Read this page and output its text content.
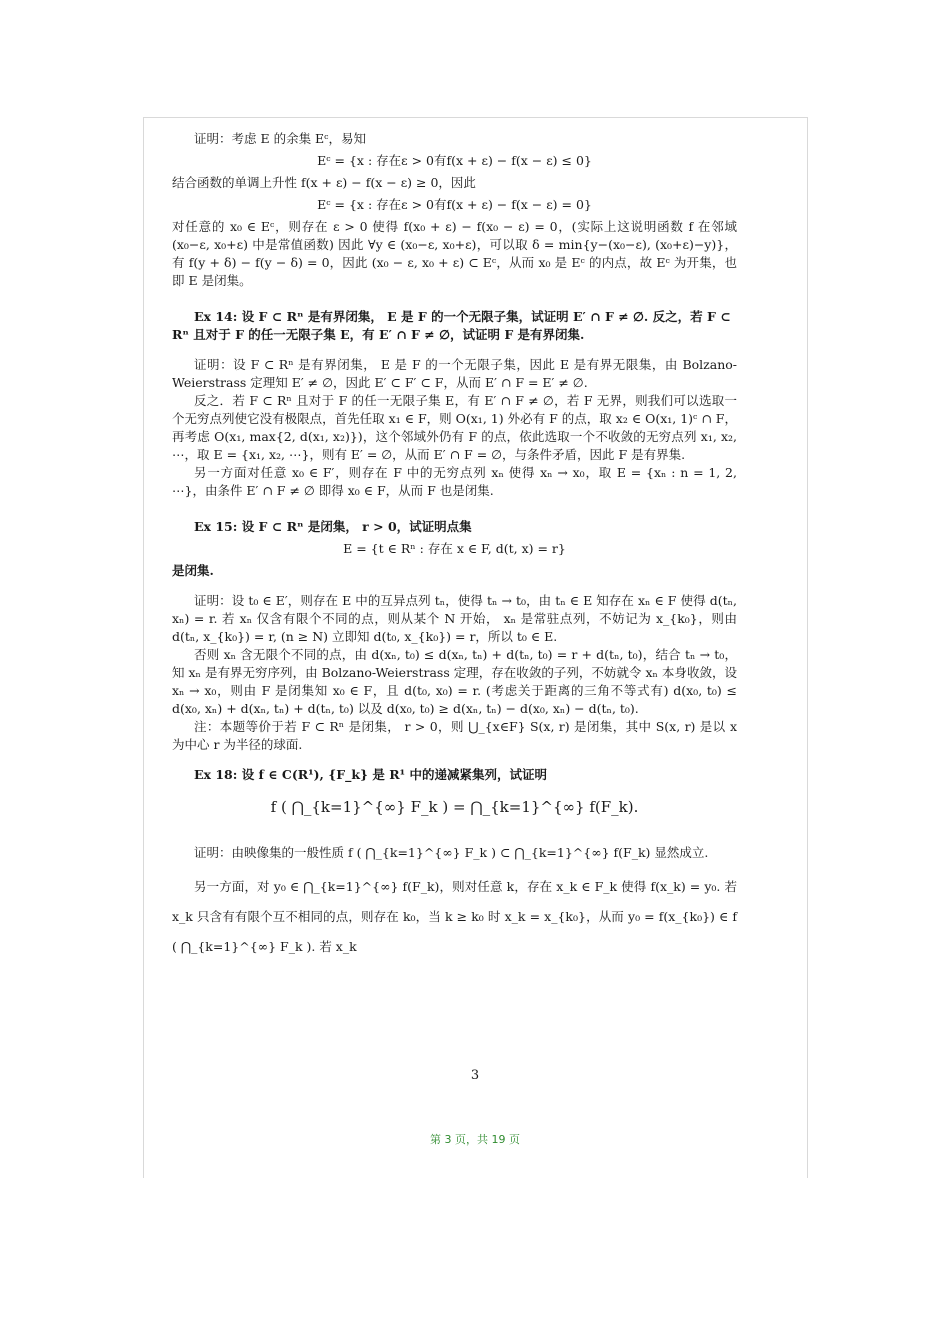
证明：考虑 E 的余集 Eᶜ，易知

Eᶜ = {x : 存在ε > 0有f(x + ε) − f(x − ε) ≤ 0}

结合函数的单调上升性 f(x + ε) − f(x − ε) ≥ 0，因此

Eᶜ = {x : 存在ε > 0有f(x + ε) − f(x − ε) = 0}

对任意的 x₀ ∈ Eᶜ，则存在 ε > 0 使得 f(x₀ + ε) − f(x₀ − ε) = 0，(实际上这说明函数 f 在邻域 (x₀−ε, x₀+ε) 中是常值函数) 因此 ∀y ∈ (x₀−ε, x₀+ε)，可以取 δ = min{y−(x₀−ε), (x₀+ε)−y)}，有 f(y + δ) − f(y − δ) = 0，因此 (x₀ − ε, x₀ + ε) ⊂ Eᶜ，从而 x₀ 是 Eᶜ 的内点，故 Eᶜ 为开集，也即 E 是闭集。

Ex 14: 设 F ⊂ Rⁿ 是有界闭集， E 是 F 的一个无限子集，试证明 E′ ∩ F ≠ ∅. 反之，若 F ⊂ Rⁿ 且对于 F 的任一无限子集 E，有 E′ ∩ F ≠ ∅，试证明 F 是有界闭集.

证明：设 F ⊂ Rⁿ 是有界闭集， E 是 F 的一个无限子集，因此 E 是有界无限集，由 Bolzano-Weierstrass 定理知 E′ ≠ ∅，因此 E′ ⊂ F′ ⊂ F，从而 E′ ∩ F = E′ ≠ ∅.

反之．若 F ⊂ Rⁿ 且对于 F 的任一无限子集 E，有 E′ ∩ F ≠ ∅，若 F 无界，则我们可以选取一个无穷点列使它没有极限点，首先任取 x₁ ∈ F，则 O(x₁, 1) 外必有 F 的点，取 x₂ ∈ O(x₁, 1)ᶜ ∩ F，再考虑 O(x₁, max{2, d(x₁, x₂)})，这个邻域外仍有 F 的点，依此选取一个不收敛的无穷点列 x₁, x₂, ⋯，取 E = {x₁, x₂, ⋯}，则有 E′ = ∅，从而 E′ ∩ F = ∅，与条件矛盾，因此 F 是有界集.

另一方面对任意 x₀ ∈ F′，则存在 F 中的无穷点列 xₙ 使得 xₙ → x₀，取 E = {xₙ : n = 1, 2, ⋯}，由条件 E′ ∩ F ≠ ∅ 即得 x₀ ∈ F，从而 F 也是闭集.

Ex 15: 设 F ⊂ Rⁿ 是闭集， r > 0，试证明点集

E = {t ∈ Rⁿ : 存在 x ∈ F, d(t, x) = r}

是闭集.

证明：设 t₀ ∈ E′，则存在 E 中的互异点列 tₙ，使得 tₙ → t₀，由 tₙ ∈ E 知存在 xₙ ∈ F 使得 d(tₙ, xₙ) = r. 若 xₙ 仅含有限个不同的点，则从某个 N 开始， xₙ 是常驻点列，不妨记为 x_{k₀}，则由 d(tₙ, x_{k₀}) = r, (n ≥ N) 立即知 d(t₀, x_{k₀}) = r，所以 t₀ ∈ E.

否则 xₙ 含无限个不同的点，由 d(xₙ, t₀) ≤ d(xₙ, tₙ) + d(tₙ, t₀) = r + d(tₙ, t₀)，结合 tₙ → t₀，知 xₙ 是有界无穷序列，由 Bolzano-Weierstrass 定理，存在收敛的子列，不妨就令 xₙ 本身收敛，设 xₙ → x₀，则由 F 是闭集知 x₀ ∈ F，且 d(t₀, x₀) = r. (考虑关于距离的三角不等式有) d(x₀, t₀) ≤ d(x₀, xₙ) + d(xₙ, tₙ) + d(tₙ, t₀) 以及 d(x₀, t₀) ≥ d(xₙ, tₙ) − d(x₀, xₙ) − d(tₙ, t₀).

注：本题等价于若 F ⊂ Rⁿ 是闭集， r > 0，则 ⋃_{x∈F} S(x, r) 是闭集，其中 S(x, r) 是以 x 为中心 r 为半径的球面.

Ex 18: 设 f ∈ C(R¹), {F_k} 是 R¹ 中的递减紧集列，试证明

f ( ⋂_{k=1}^{∞} F_k ) = ⋂_{k=1}^{∞} f(F_k).

证明：由映像集的一般性质 f ( ⋂_{k=1}^{∞} F_k ) ⊂ ⋂_{k=1}^{∞} f(F_k) 显然成立.

另一方面，对 y₀ ∈ ⋂_{k=1}^{∞} f(F_k)，则对任意 k，存在 x_k ∈ F_k 使得 f(x_k) = y₀. 若 x_k 只含有有限个互不相同的点，则存在 k₀，当 k ≥ k₀ 时 x_k = x_{k₀}，从而 y₀ = f(x_{k₀}) ∈ f ( ⋂_{k=1}^{∞} F_k ). 若 x_k

3
第 3 页，共 19 页
